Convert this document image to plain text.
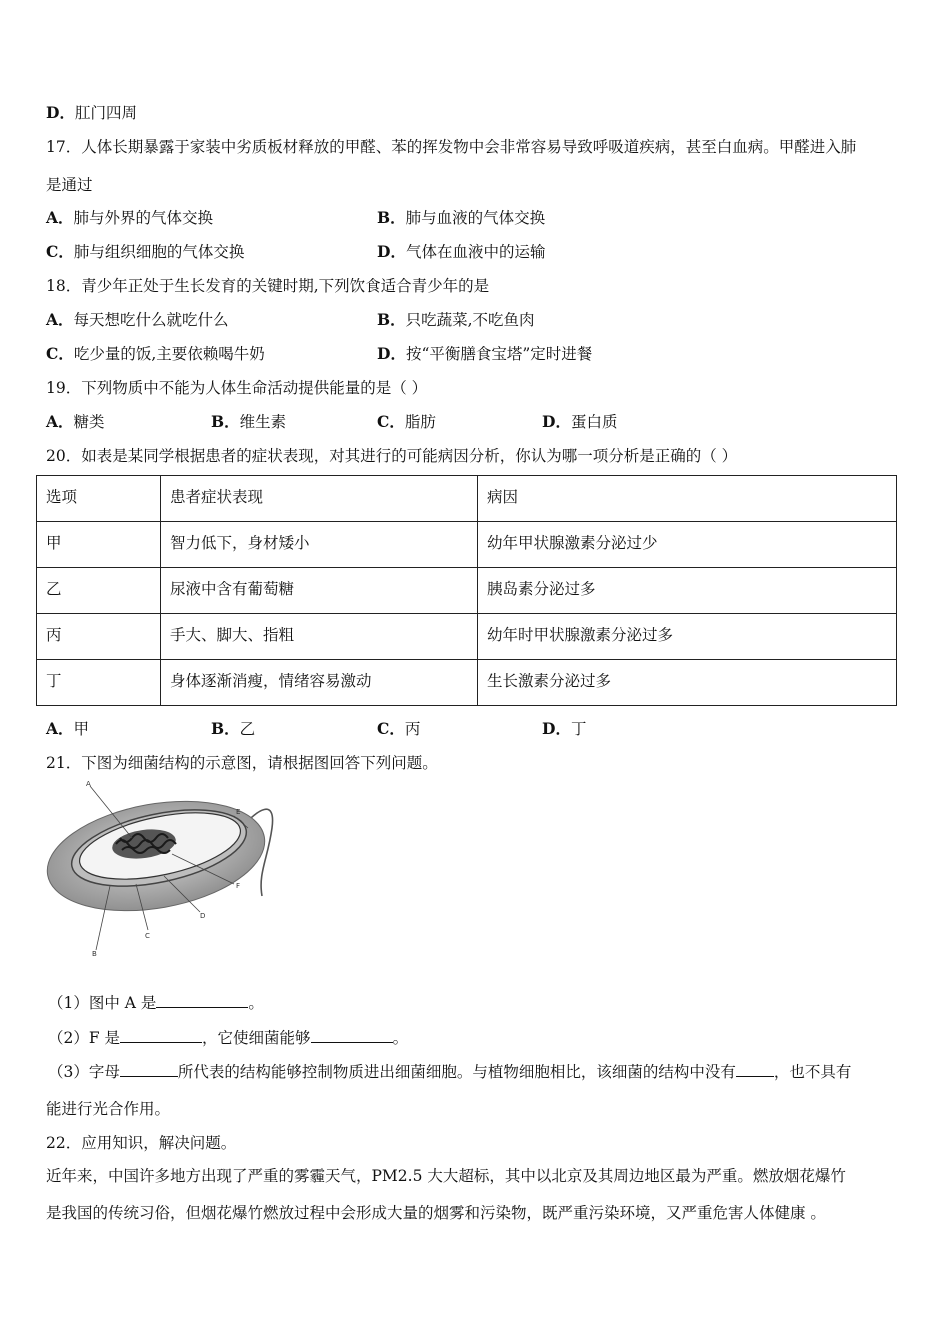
D．肛门四周
17．人体长期暴露于家装中劣质板材释放的甲醛、苯的挥发物中会非常容易导致呼吸道疾病，甚至白血病。甲醛进入肺
是通过
A．肺与外界的气体交换	B．肺与血液的气体交换
C．肺与组织细胞的气体交换	D．气体在血液中的运输
18．青少年正处于生长发育的关键时期,下列饮食适合青少年的是
A．每天想吃什么就吃什么	B．只吃蔬菜,不吃鱼肉
C．吃少量的饭,主要依赖喝牛奶	D．按“平衡膳食宝塔”定时进餐
19．下列物质中不能为人体生命活动提供能量的是（ ）
A．糖类	B．维生素	C．脂肪	D．蛋白质
20．如表是某同学根据患者的症状表现，对其进行的可能病因分析，你认为哪一项分析是正确的（ ）
选项	患者症状表现	病因
甲	智力低下，身材矮小	幼年甲状腺激素分泌过少
乙	尿液中含有葡萄糖	胰岛素分泌过多
丙	手大、脚大、指粗	幼年时甲状腺激素分泌过多
丁	身体逐渐消瘦，情绪容易激动	生长激素分泌过多
A．甲	B．乙	C．丙	D．丁
21．下图为细菌结构的示意图，请根据图回答下列问题。
A
E
F
B
C
D
（1）图中 A 是	。
（2）F 是	，它使细菌能够	。
（3）字母	所代表的结构能够控制物质进出细菌细胞。与植物细胞相比，该细菌的结构中没有 ，也不具有
能进行光合作用。
22．应用知识，解决问题。
近年来，中国许多地方出现了严重的雾霾天气，PM2.5 大大超标，其中以北京及其周边地区最为严重。燃放烟花爆竹
是我国的传统习俗，但烟花爆竹燃放过程中会形成大量的烟雾和污染物，既严重污染环境，又严重危害人体健康 。
